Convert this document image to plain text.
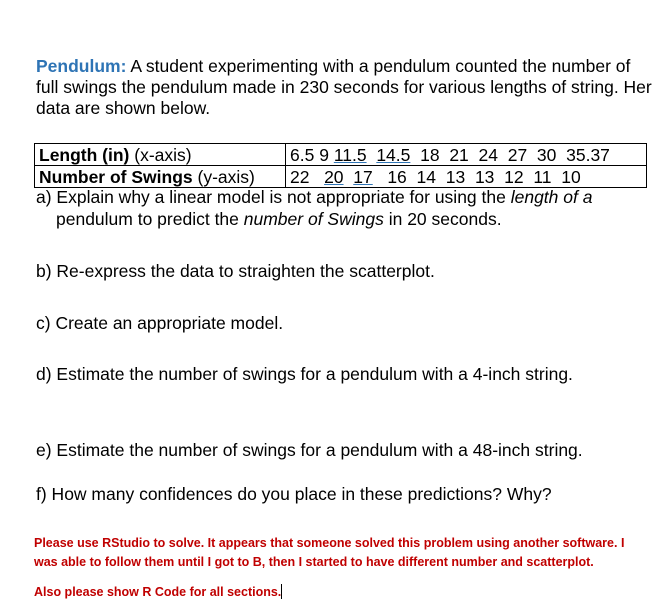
Pendulum: A student experimenting with a pendulum counted the number of full swings the pendulum made in 230 seconds for various lengths of string. Her data are shown below.
Length (in) (x-axis)	6.5 9 11.5 14.5 18 21 24 27 30 35.37
Number of Swings (y-axis)	22 20 17 16 14 13 13 12 11 10
a) Explain why a linear model is not appropriate for using the length of a
pendulum to predict the number of Swings in 20 seconds.
b) Re-express the data to straighten the scatterplot.
c) Create an appropriate model.
d) Estimate the number of swings for a pendulum with a 4-inch string.
e) Estimate the number of swings for a pendulum with a 48-inch string.
f) How many confidences do you place in these predictions? Why?
Please use RStudio to solve. It appears that someone solved this problem using another software. I
was able to follow them until I got to B, then I started to have different number and scatterplot.
Also please show R Code for all sections.
